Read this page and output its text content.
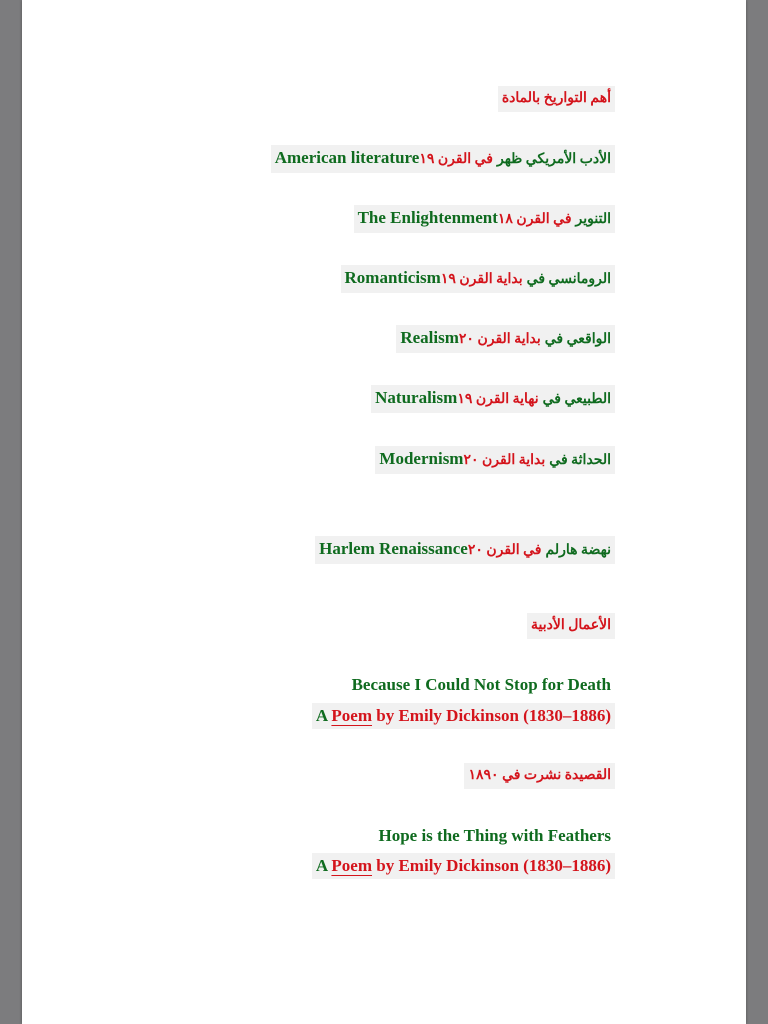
أهم التواريخ بالمادة
American literature	الأدب الأمريكي ظهر في القرن ١٩
The Enlightenment	التنوير في القرن ١٨
Romanticism	الرومانسي في بداية القرن ١٩
Realism	الواقعي في بداية القرن ٢٠
Naturalism	الطبيعي في نهاية القرن ١٩
Modernism	الحداثة في بداية القرن ٢٠
Harlem Renaissance	نهضة هارلم في القرن ٢٠
الأعمال الأدبية
Because I Could Not Stop for Death
A Poem by Emily Dickinson (1830–1886)
القصيدة نشرت في ١٨٩٠
Hope is the Thing with Feathers
A Poem by Emily Dickinson (1830–1886)
